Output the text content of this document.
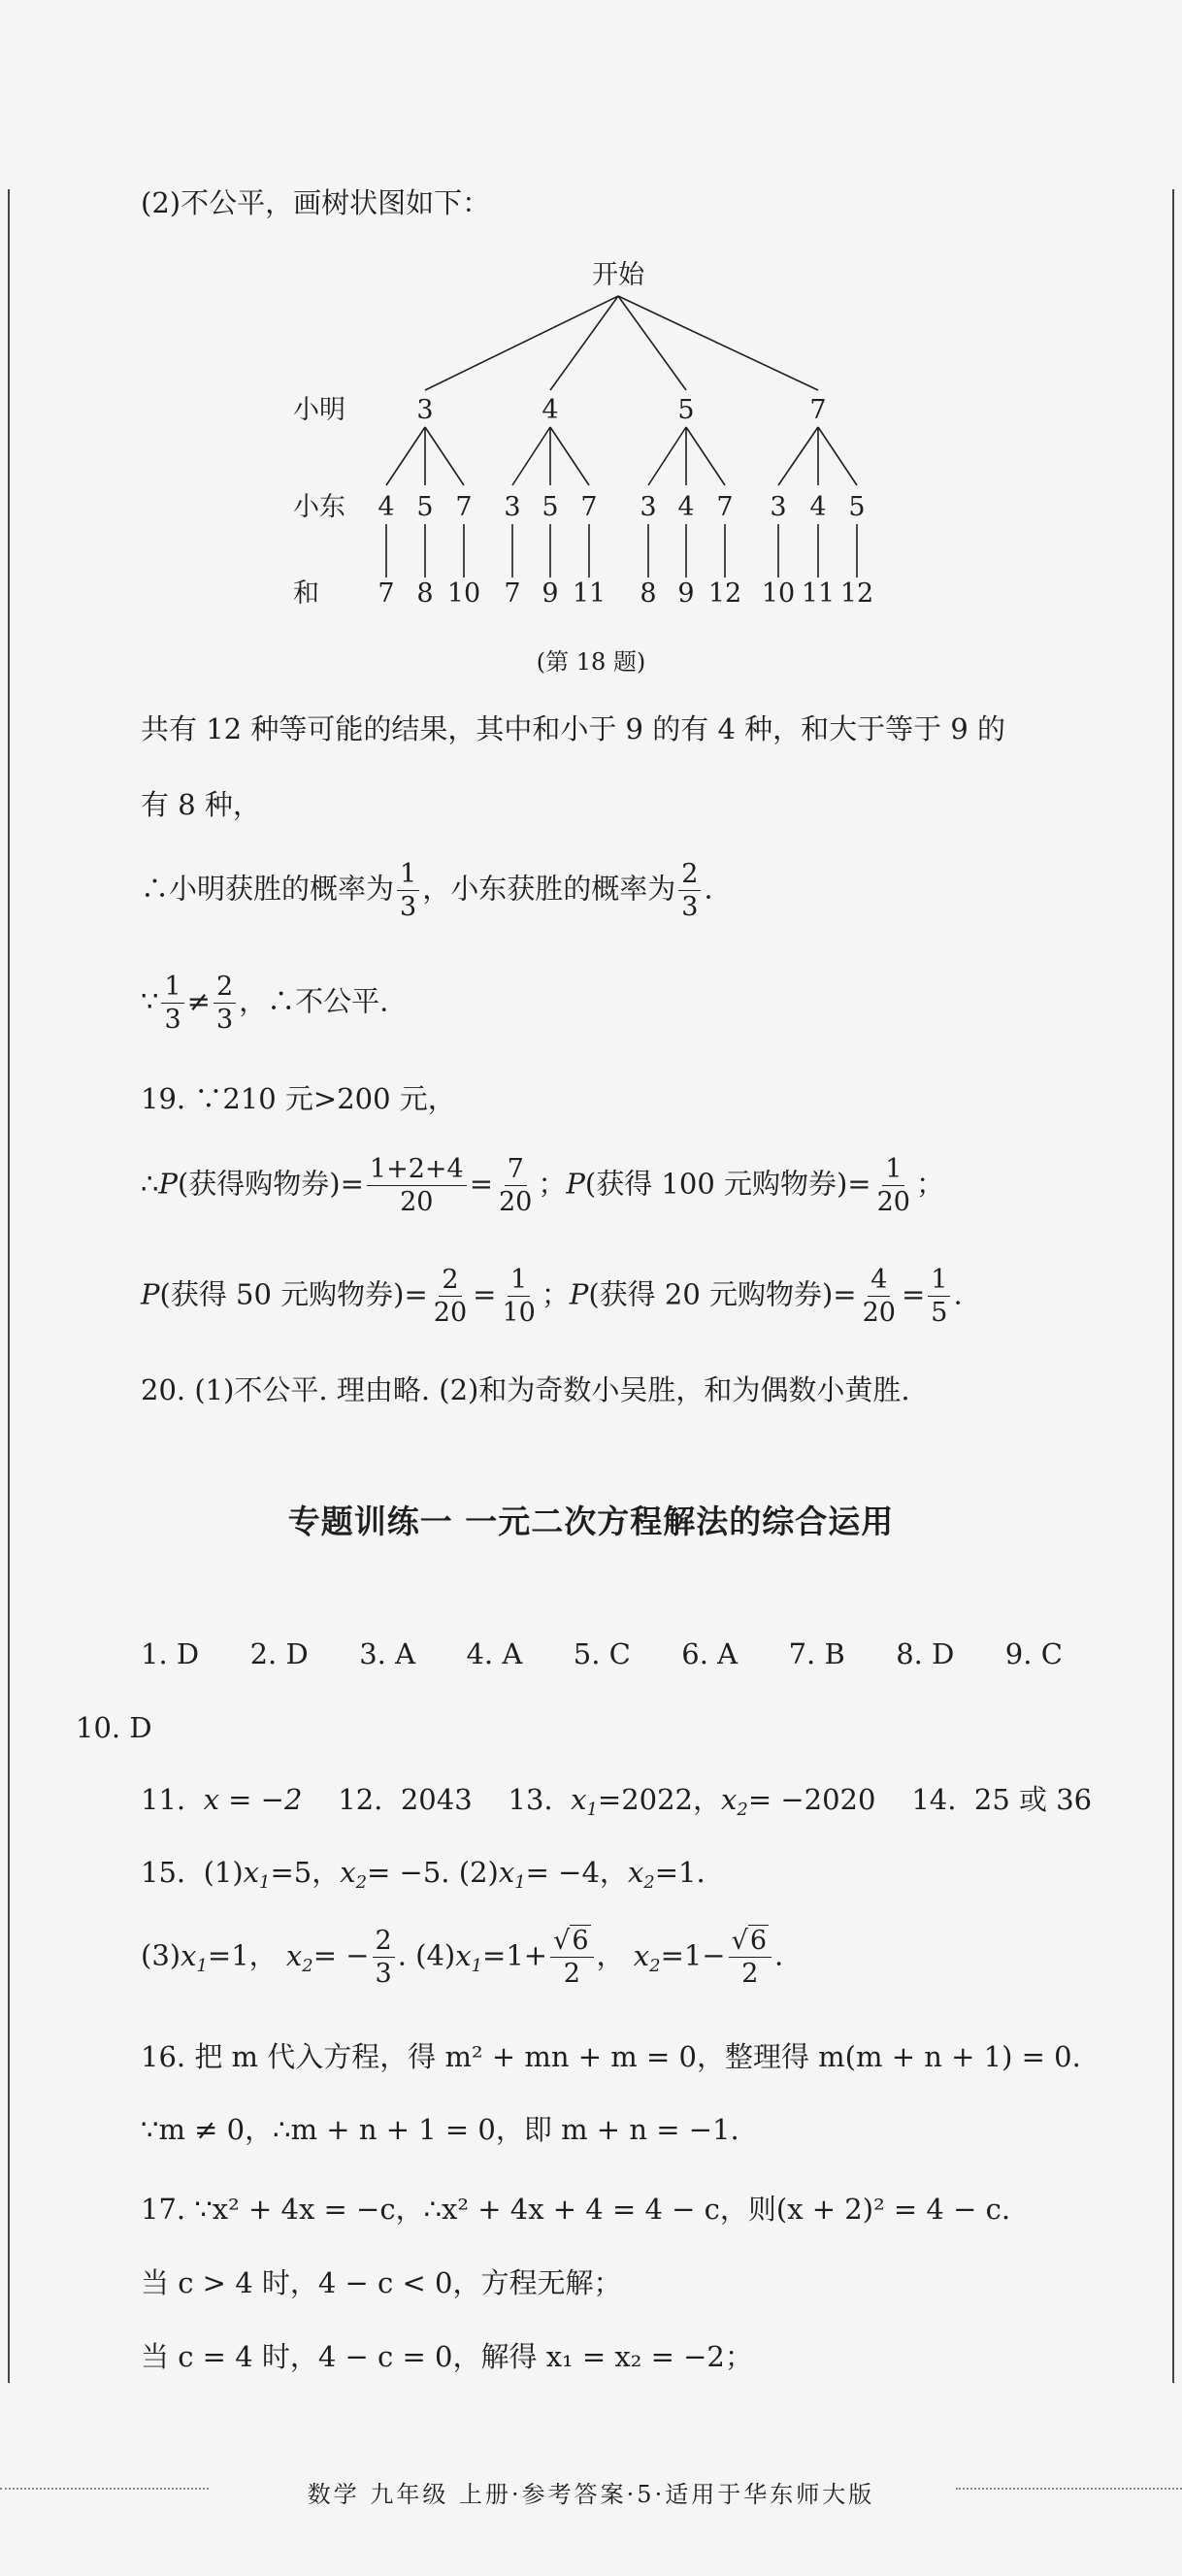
(2)不公平，画树状图如下：
开始
小明
小东
和
3	4	5	7
4 5 7 3 5 7 3 4 7 3 4 5
7 8 10 7 9 11 8 9 12 10 11 12
(第 18 题)
共有 12 种等可能的结果，其中和小于 9 的有 4 种，和大于等于 9 的
有 8 种，
∴小明获胜的概率为 $\frac{1}{3}$ ，小东获胜的概率为 $\frac{2}{3}$ .
∵ $\frac{1}{3} \ne \frac{2}{3}$ ，∴不公平.
19. ∵210 元>200 元，
∴P(获得购物券)= $\frac{1+2+4}{20} = \frac{7}{20}$ ；P(获得 100 元购物券)= $\frac{1}{20}$ ；
P(获得 50 元购物券)= $\frac{2}{20} = \frac{1}{10}$ ；P(获得 20 元购物券)= $\frac{4}{20} = \frac{1}{5}$ .
20. (1)不公平. 理由略. (2)和为奇数小吴胜，和为偶数小黄胜.
专题训练一 一元二次方程解法的综合运用
1. D 2. D 3. A 4. A 5. C 6. A 7. B 8. D 9. C
10. D
11. x = −2 12. 2043 13. $x_1=2022$，$x_2= -2020$ 14. 25 或 36
15. $(1)x_1=5$，$x_2= -5$. $(2)x_1= -4$，$x_2=1$.
$(3)x_1=1$， $x_2= - \frac{2}{3}$ . $(4)x_1=1+ \frac{√6}{2}$ ， $x_2=1- \frac{√6}{2}$ .
16. 把 m 代入方程，得 m² + mn + m = 0，整理得 m(m + n + 1) = 0.
∵m ≠ 0，∴m + n + 1 = 0，即 m + n = −1.
17. ∵x² + 4x = −c，∴x² + 4x + 4 = 4 − c，则(x + 2)² = 4 − c.
当 c > 4 时，4 − c < 0，方程无解；
当 c = 4 时，4 − c = 0，解得 x₁ = x₂ = −2；
数学 九年级 上册·参考答案·5·适用于华东师大版
